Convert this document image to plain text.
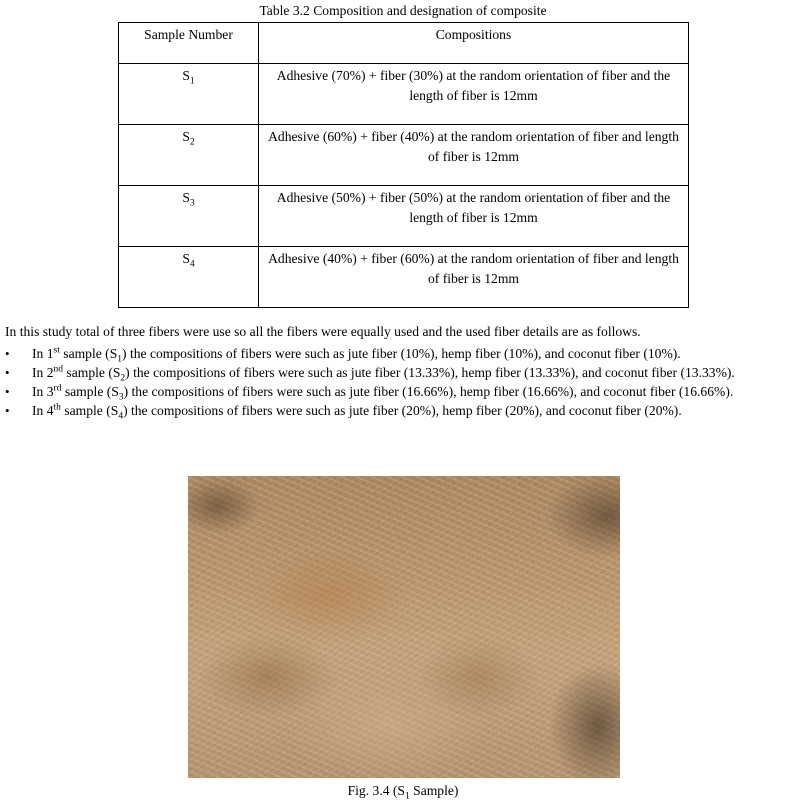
Table 3.2 Composition and designation of composite
Sample Number	Compositions
$S_1$	Adhesive (70%) + fiber (30%) at the random orientation of fiber and the length of fiber is 12mm
$S_2$	Adhesive (60%) + fiber (40%) at the random orientation of fiber and length of fiber is 12mm
$S_3$	Adhesive (50%) + fiber (50%) at the random orientation of fiber and the length of fiber is 12mm
$S_4$	Adhesive (40%) + fiber (60%) at the random orientation of fiber and length of fiber is 12mm
In this study total of three fibers were use so all the fibers were equally used and the used fiber details are as follows.
• In 1st sample $(S_1)$ the compositions of fibers were such as jute fiber (10%), hemp fiber (10%), and coconut fiber (10%).
• In 2nd sample $(S_2)$ the compositions of fibers were such as jute fiber (13.33%), hemp fiber (13.33%), and coconut fiber (13.33%).
• In 3rd sample $(S_3)$ the compositions of fibers were such as jute fiber (16.66%), hemp fiber (16.66%), and coconut fiber (16.66%).
• In 4th sample $(S_4)$ the compositions of fibers were such as jute fiber (20%), hemp fiber (20%), and coconut fiber (20%).
Fig. 3.4 ($S_1$ Sample)
